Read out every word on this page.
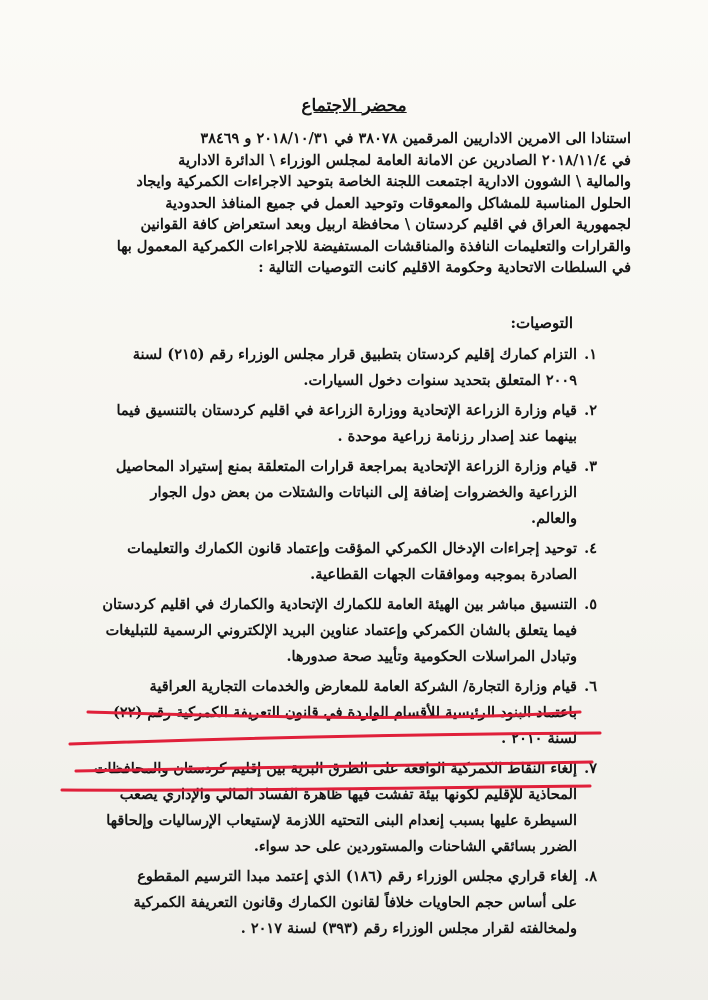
محضر الاجتماع
استنادا الى الامرين الاداريين المرقمين ٣٨٠٧٨ في ٢٠١٨/١٠/٣١ و ٣٨٤٦٩
في ٢٠١٨/١١/٤ الصادرين عن الامانة العامة لمجلس الوزراء \ الدائرة الادارية
والمالية \ الشوون الادارية اجتمعت اللجنة الخاصة بتوحيد الاجراءات الكمركية وايجاد
الحلول المناسبة للمشاكل والمعوقات وتوحيد العمل في جميع المنافذ الحدودية
لجمهورية العراق في اقليم كردستان \ محافظة اربيل وبعد استعراض كافة القوانين
والقرارات والتعليمات النافذة والمناقشات المستفيضة للاجراءات الكمركية المعمول بها
في السلطات الاتحادية وحكومة الاقليم كانت التوصيات التالية :
التوصيات:
١.
التزام كمارك إقليم كردستان بتطبيق قرار مجلس الوزراء رقم (٢١٥) لسنة
٢٠٠٩ المتعلق بتحديد سنوات دخول السيارات.
٢.
قيام وزارة الزراعة الإتحادية ووزارة الزراعة في اقليم كردستان بالتنسيق فيما
بينهما عند إصدار رزنامة زراعية موحدة .
٣.
قيام وزارة الزراعة الإتحادية بمراجعة قرارات المتعلقة بمنع إستيراد المحاصيل
الزراعية والخضروات إضافة إلى النباتات والشتلات من بعض دول الجوار
والعالم.
٤.
توحيد إجراءات الإدخال الكمركي المؤقت وإعتماد قانون الكمارك والتعليمات
الصادرة بموجبه وموافقات الجهات القطاعية.
٥.
التنسيق مباشر بين الهيئة العامة للكمارك الإتحادية والكمارك في اقليم كردستان
فيما يتعلق بالشان الكمركي وإعتماد عناوين البريد الإلكتروني الرسمية للتبليغات
وتبادل المراسلات الحكومية وتأييد صحة صدورها.
٦.
قيام وزارة التجارة/ الشركة العامة للمعارض والخدمات التجارية العراقية
باعتماد البنود الرئيسية للأقسام الواردة في قانون التعريفة الكمركية رقم (٢٢)
لسنة ٢٠١٠ .
٧.
إلغاء النقاط الكمركية الواقعة على الطرق البرية بين إقليم كردستان والمحافظات
المحاذية للإقليم لكونها بيئة تفشت فيها ظاهرة الفساد المالي والإداري يصعب
السيطرة عليها بسبب إنعدام البنى التحتيه اللازمة لإستيعاب الإرساليات وإلحاقها
الضرر بسائقي الشاحنات والمستوردين على حد سواء.
٨.
إلغاء قراري مجلس الوزراء رقم (١٨٦) الذي إعتمد مبدا الترسيم المقطوع
على أساس حجم الحاويات خلافاً لقانون الكمارك وقانون التعريفة الكمركية
ولمخالفته لقرار مجلس الوزراء رقم (٣٩٣) لسنة ٢٠١٧ .
